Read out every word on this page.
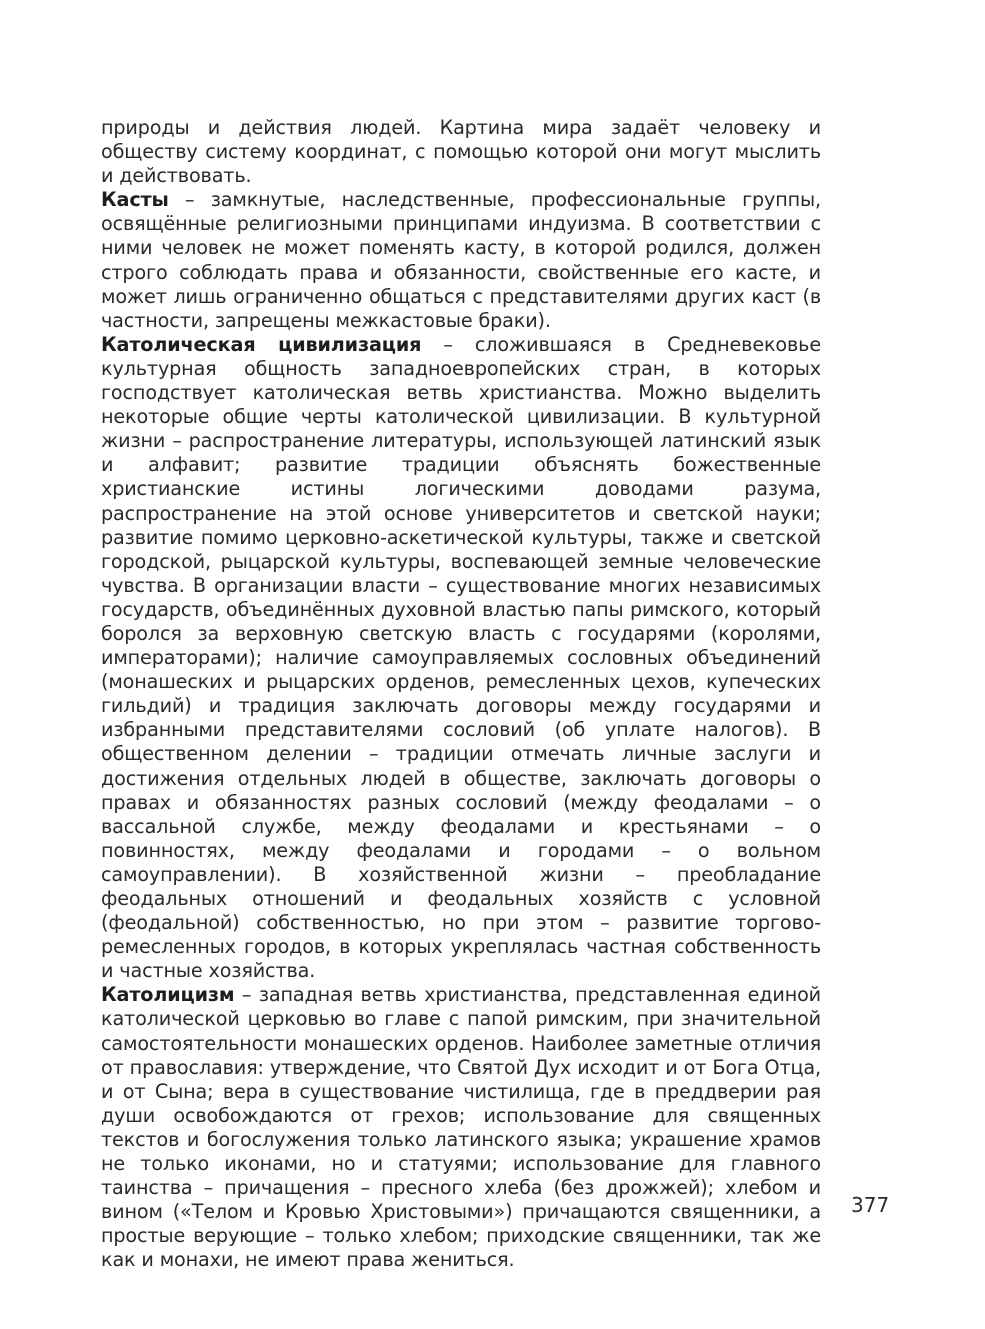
природы и действия людей. Картина мира задаёт человеку и обществу систему координат, с помощью которой они могут мыслить и действовать.

Касты – замкнутые, наследственные, профессиональные группы, освящённые религиозными принципами индуизма. В соответствии с ними человек не может поменять касту, в которой родился, должен строго соблюдать права и обязанности, свойственные его касте, и может лишь ограниченно общаться с представителями других каст (в частности, запрещены межкастовые браки).

Католическая цивилизация – сложившаяся в Средневековье культурная общность западноевропейских стран, в которых господствует католическая ветвь христианства. Можно выделить некоторые общие черты католической цивилизации. В культурной жизни – распространение литературы, использующей латинский язык и алфавит; развитие традиции объяснять божественные христианские истины логическими доводами разума, распространение на этой основе университетов и светской науки; развитие помимо церковно-аскетической культуры, также и светской городской, рыцарской культуры, воспевающей земные человеческие чувства. В организации власти – существование многих независимых государств, объединённых духовной властью папы римского, который боролся за верховную светскую власть с государями (королями, императорами); наличие самоуправляемых сословных объединений (монашеских и рыцарских орденов, ремесленных цехов, купеческих гильдий) и традиция заключать договоры между государями и избранными представителями сословий (об уплате налогов). В общественном делении – традиции отмечать личные заслуги и достижения отдельных людей в обществе, заключать договоры о правах и обязанностях разных сословий (между феодалами – о вассальной службе, между феодалами и крестьянами – о повинностях, между феодалами и городами – о вольном самоуправлении). В хозяйственной жизни – преобладание феодальных отношений и феодальных хозяйств с условной (феодальной) собственностью, но при этом – развитие торгово-ремесленных городов, в которых укреплялась частная собственность и частные хозяйства.

Католицизм – западная ветвь христианства, представленная единой католической церковью во главе с папой римским, при значительной самостоятельности монашеских орденов. Наиболее заметные отличия от православия: утверждение, что Святой Дух исходит и от Бога Отца, и от Сына; вера в существование чистилища, где в преддверии рая души освобождаются от грехов; использование для священных текстов и богослужения только латинского языка; украшение храмов не только иконами, но и статуями; использование для главного таинства – причащения – пресного хлеба (без дрожжей); хлебом и вином («Телом и Кровью Христовыми») причащаются священники, а простые верующие – только хлебом; приходские священники, так же как и монахи, не имеют права жениться.

377
